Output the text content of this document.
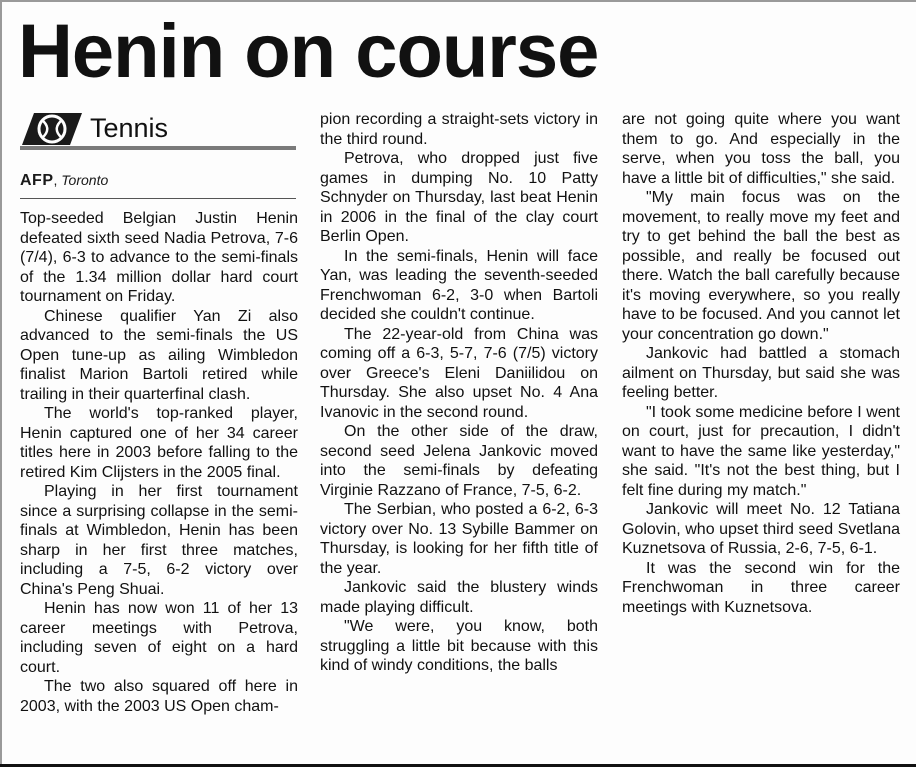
Henin on course
Tennis
AFP, Toronto

Top-seeded Belgian Justin Henin defeated sixth seed Nadia Petrova, 7-6 (7/4), 6-3 to advance to the semi-finals of the 1.34 million dollar hard court tournament on Friday.

Chinese qualifier Yan Zi also advanced to the semi-finals the US Open tune-up as ailing Wimbledon finalist Marion Bartoli retired while trailing in their quarterfinal clash.

The world's top-ranked player, Henin captured one of her 34 career titles here in 2003 before falling to the retired Kim Clijsters in the 2005 final.

Playing in her first tournament since a surprising collapse in the semi-finals at Wimbledon, Henin has been sharp in her first three matches, including a 7-5, 6-2 victory over China's Peng Shuai.

Henin has now won 11 of her 13 career meetings with Petrova, including seven of eight on a hard court.

The two also squared off here in 2003, with the 2003 US Open cham-

pion recording a straight-sets victory in the third round.

Petrova, who dropped just five games in dumping No. 10 Patty Schnyder on Thursday, last beat Henin in 2006 in the final of the clay court Berlin Open.

In the semi-finals, Henin will face Yan, was leading the seventh-seeded Frenchwoman 6-2, 3-0 when Bartoli decided she couldn't continue.

The 22-year-old from China was coming off a 6-3, 5-7, 7-6 (7/5) victory over Greece's Eleni Daniilidou on Thursday. She also upset No. 4 Ana Ivanovic in the second round.

On the other side of the draw, second seed Jelena Jankovic moved into the semi-finals by defeating Virginie Razzano of France, 7-5, 6-2.

The Serbian, who posted a 6-2, 6-3 victory over No. 13 Sybille Bammer on Thursday, is looking for her fifth title of the year.

Jankovic said the blustery winds made playing difficult.

"We were, you know, both struggling a little bit because with this kind of windy conditions, the balls

are not going quite where you want them to go. And especially in the serve, when you toss the ball, you have a little bit of difficulties," she said.

"My main focus was on the movement, to really move my feet and try to get behind the ball the best as possible, and really be focused out there. Watch the ball carefully because it's moving everywhere, so you really have to be focused. And you cannot let your concentration go down."

Jankovic had battled a stomach ailment on Thursday, but said she was feeling better.

"I took some medicine before I went on court, just for precaution, I didn't want to have the same like yesterday," she said. "It's not the best thing, but I felt fine during my match."

Jankovic will meet No. 12 Tatiana Golovin, who upset third seed Svetlana Kuznetsova of Russia, 2-6, 7-5, 6-1.

It was the second win for the Frenchwoman in three career meetings with Kuznetsova.
